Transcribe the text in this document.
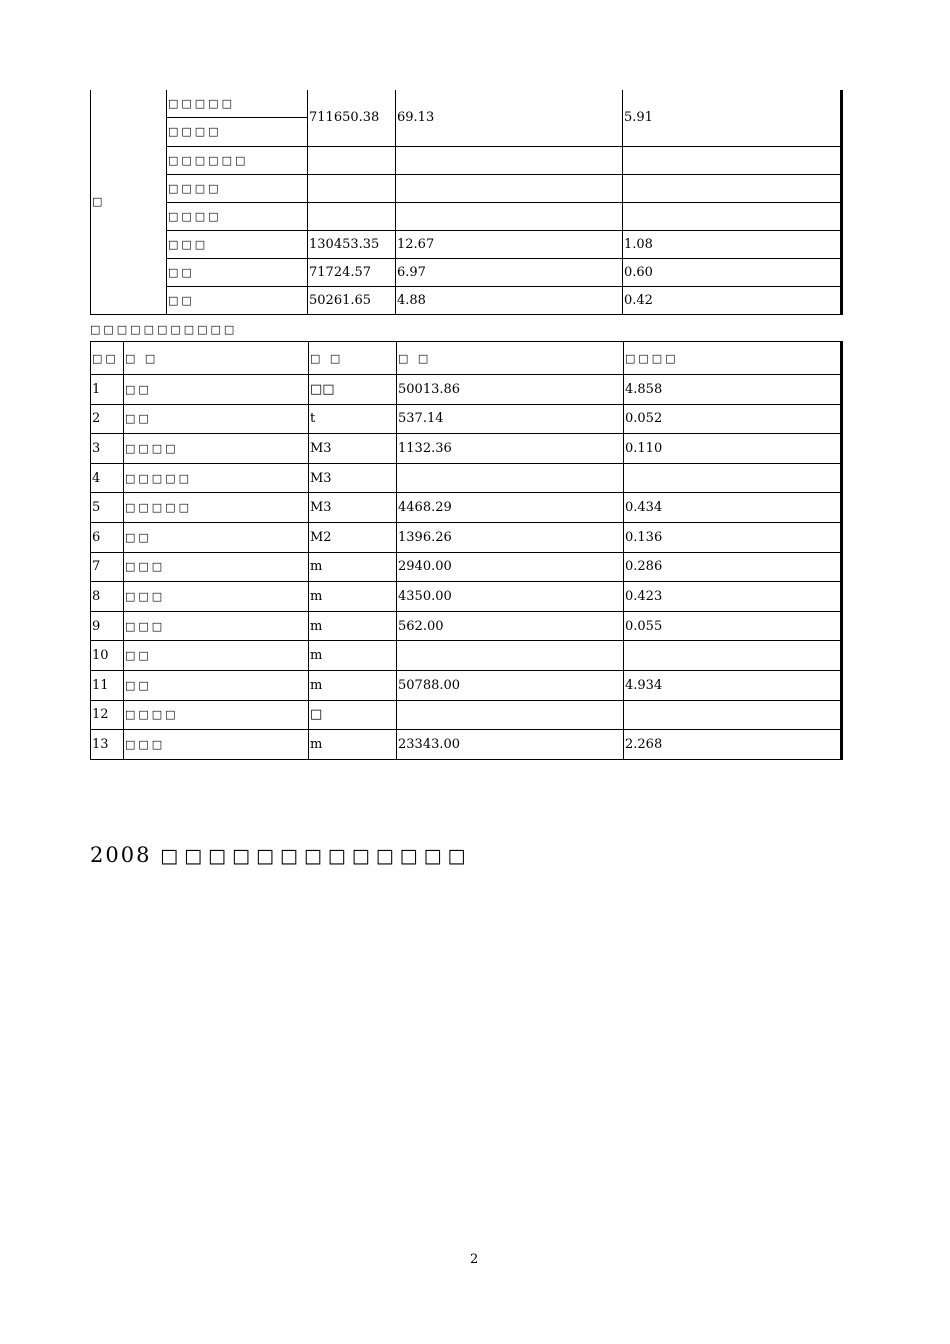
□	□□□□□	711650.38	69.13	5.91
	□□□□			
	□□□□□□			
	□□□□			
	□□□□			
	□□□	130453.35	12.67	1.08
	□□	71724.57	6.97	0.60
	□□	50261.65	4.88	0.42
□□□□□□□□□□□
□□	□ □	□ □	□ □	□□□□
1	□□	□□	50013.86	4.858
2	□□	t	537.14	0.052
3	□□□□	M3	1132.36	0.110
4	□□□□□	M3		
5	□□□□□	M3	4468.29	0.434
6	□□	M2	1396.26	0.136
7	□□□	m	2940.00	0.286
8	□□□	m	4350.00	0.423
9	□□□	m	562.00	0.055
10	□□	m		
11	□□	m	50788.00	4.934
12	□□□□	□		
13	□□□	m	23343.00	2.268
2008 □□□□□□□□□□□□□
2
